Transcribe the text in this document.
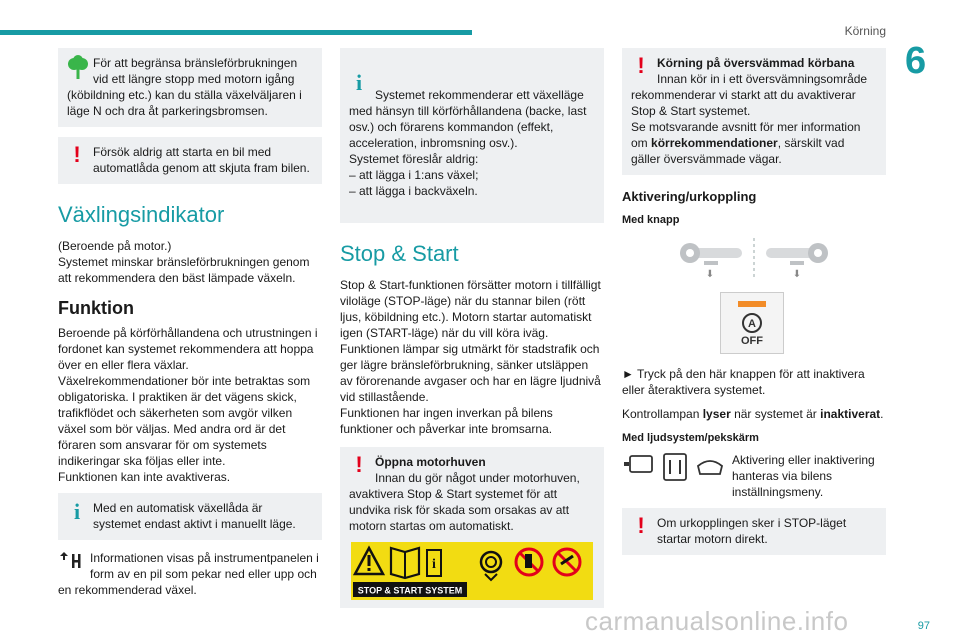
Körning
6

För att begränsa bränsleförbrukningen vid ett längre stopp med motorn igång (köbildning etc.) kan du ställa växelväljaren i läge N och dra åt parkeringsbromsen.

!	Försök aldrig att starta en bil med automatlåda genom att skjuta fram bilen.

Växlingsindikator

(Beroende på motor.)
Systemet minskar bränsleförbrukningen genom att rekommendera den bäst lämpade växeln.

Funktion

Beroende på körförhållandena och utrustningen i fordonet kan systemet rekommendera att hoppa över en eller flera växlar.
Växelrekommendationer bör inte betraktas som obligatoriska. I praktiken är det vägens skick, trafikflödet och säkerheten som avgör vilken växel som bör väljas. Med andra ord är det föraren som ansvarar för om systemets indikeringar ska följas eller inte.
Funktionen kan inte avaktiveras.

i	Med en automatisk växellåda är systemet endast aktivt i manuellt läge.

Informationen visas på instrumentpanelen i form av en pil som pekar ned eller upp och en rekommenderad växel.

i	Systemet rekommenderar ett växelläge med hänsyn till körförhållandena (backe, last osv.) och förarens kommandon (effekt, acceleration, inbromsning osv.).
Systemet föreslår aldrig:
– att lägga i 1:ans växel;
– att lägga i backväxeln.

Stop & Start

Stop & Start-funktionen försätter motorn i tillfälligt viloläge (STOP-läge) när du stannar bilen (rött ljus, köbildning etc.). Motorn startar automatiskt igen (START-läge) när du vill köra iväg.
Funktionen lämpar sig utmärkt för stadstrafik och ger lägre bränsleförbrukning, sänker utsläppen av förorenande avgaser och har en lägre ljudnivå vid stillastående.
Funktionen har ingen inverkan på bilens funktioner och påverkar inte bromsarna.

!	Öppna motorhuven

Innan du gör något under motorhuven, avaktivera Stop & Start systemet för att undvika risk för skada som orsakas av att motorn startas om automatiskt.

i
STOP & START SYSTEM
!	Körning på översvämmad körbana

Innan kör in i ett översvämningsområde rekommenderar vi starkt att du avaktiverar Stop & Start systemet.

Se motsvarande avsnitt för mer information om körrekommendationer, särskilt vad gäller översvämmade vägar.

Aktivering/urkoppling
Med knapp
⬇	⬇
A
OFF

► Tryck på den här knappen för att inaktivera eller återaktivera systemet.

Kontrollampan lyser när systemet är inaktiverat.

Med ljudsystem/pekskärm
Aktivering eller inaktivering hanteras via bilens inställningsmeny.
!	Om urkopplingen sker i STOP-läget startar motorn direkt.

carmanualsonline.info	97
